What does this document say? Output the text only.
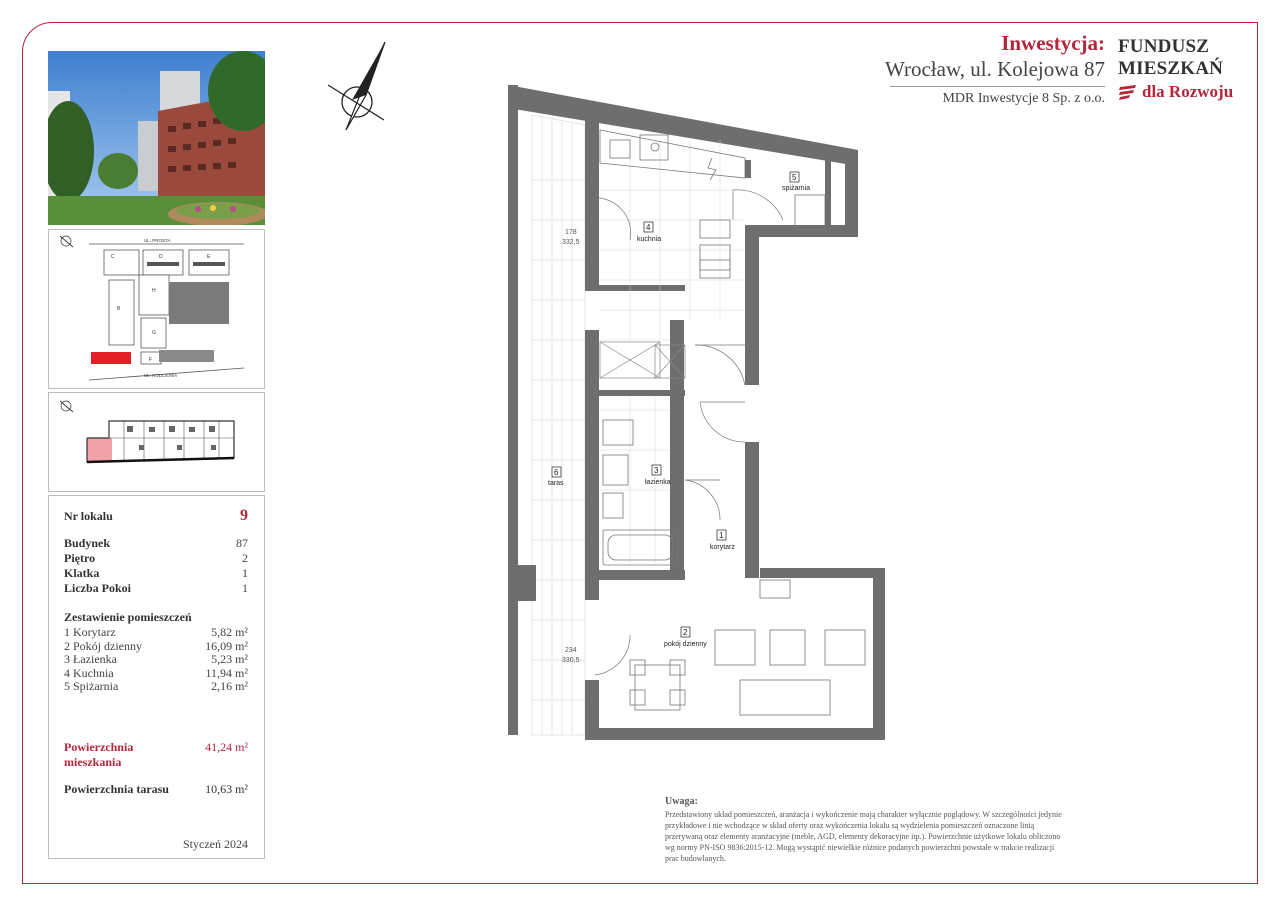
UL. PROSTA
UL. KOLEJOWA
C	D	E
H
G
F
B
Nr lokalu	9
Budynek	87
Piętro	2
Klatka	1
Liczba Pokoi	1
Zestawienie pomieszczeń
1 Korytarz	5,82 m²
2 Pokój dzienny	16,09 m²
3 Łazienka	5,23 m²
4 Kuchnia	11,94 m²
5 Spiżarnia	2,16 m²
Powierzchnia mieszkania
41,24 m²
Powierzchnia tarasu	10,63 m²
Styczeń 2024
Inwestycja:
Wrocław, ul. Kolejowa 87
MDR Inwestycje 8 Sp. z o.o.
FUNDUSZ
MIESZKAŃ
dla Rozwoju
178
332,5
234
330,5
4
kuchnia
5
spiżarnia
3
łazienka
1
korytarz
2
pokój dzienny
6
taras
Uwaga:
Przedstawiony układ pomieszczeń, aranżacja i wykończenie mają charakter wyłącznie poglądowy. W szczególności jedynie przykładowe i nie wchodzące w skład oferty oraz wykończenia lokalu są wydzielenia pomieszczeń oznaczone linią przerywaną oraz elementy aranżacyjne (meble, AGD, elementy dekoracyjne itp.). Powierzchnie użytkowe lokalu obliczono wg normy PN-ISO 9836:2015-12. Mogą wystąpić niewielkie różnice podanych powierzchni powstałe w trakcie realizacji prac budowlanych.
